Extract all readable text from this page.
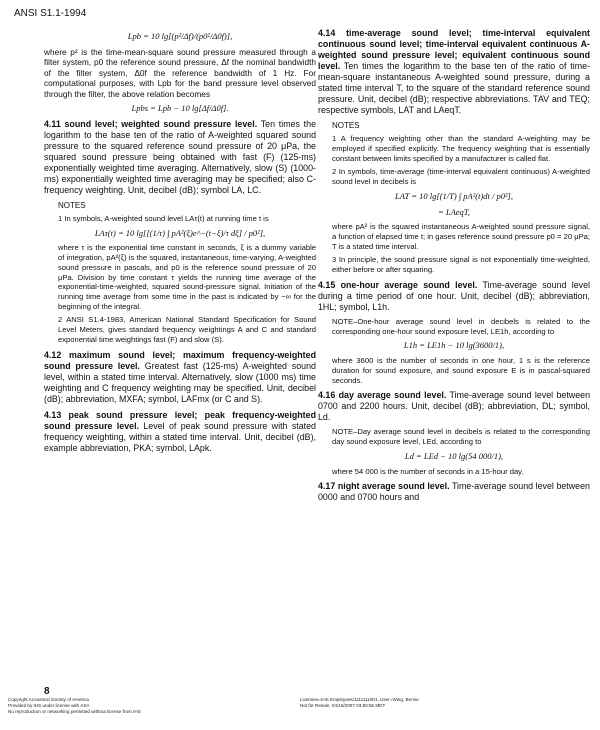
ANSI S1.1-1994
Lpb = 10 lg[(p²/Δf)/(p0²/Δ0f)],

where p² is the time-mean-square sound pressure measured through a filter system, p0 the reference sound pressure, Δf the nominal bandwidth of the filter system, Δ0f the reference bandwidth of 1 Hz. For computational purposes, with Lpb for the band pressure level observed through the filter, the above relation becomes

Lpbs = Lpb − 10 lg[Δf/Δ0f].

4.11 sound level; weighted sound pressure level. Ten times the logarithm to the base ten of the ratio of A-weighted squared sound pressure to the squared reference sound pressure of 20 μPa, the squared sound pressure being obtained with fast (F) (125-ms) exponentially weighted time averaging. Alternatively, slow (S) (1000-ms) exponentially weighted time averaging may be specified; also C-frequency weighting. Unit, decibel (dB); symbol LA, LC.

NOTES

1 In symbols, A-weighted sound level LAτ(t) at running time t is

LAτ(t) = 10 lg[[(1/τ) ∫ pA²(ξ)e^−(t−ξ)/τ dξ] / p0²],

where τ is the exponential time constant in seconds, ξ is a dummy variable of integration, pA²(ξ) is the squared, instantaneous, time-varying, A-weighted sound pressure in pascals, and p0 is the reference sound pressure of 20 μPa. Division by time constant τ yields the running time average of the exponential-time-weighted, squared sound-pressure signal. Initiation of the running time average from some time in the past is indicated by −∞ for the beginning of the integral.

2 ANSI S1.4-1983, American National Standard Specification for Sound Level Meters, gives standard frequency weightings A and C and standard exponential time weightings fast (F) and slow (S).

4.12 maximum sound level; maximum frequency-weighted sound pressure level. Greatest fast (125-ms) A-weighted sound level, within a stated time interval. Alternatively, slow (1000 ms) time weighting and C frequency weighting may be specified. Unit, decibel (dB); abbreviation, MXFA; symbol, LAFmx (or C and S).

4.13 peak sound pressure level; peak frequency-weighted sound pressure level. Level of peak sound pressure with stated frequency weighting, within a stated time interval. Unit, decibel (dB), example abbreviation, PKA; symbol, LApk.

4.14 time-average sound level; time-interval equivalent continuous sound level; time-interval equivalent continuous A-weighted sound pressure level; equivalent continuous sound level. Ten times the logarithm to the base ten of the ratio of time-mean-square instantaneous A-weighted sound pressure, during a stated time interval T, to the square of the standard reference sound pressure. Unit, decibel (dB); respective abbreviations. TAV and TEQ; respective symbols, LAT and LAeqT.

NOTES

1 A frequency weighting other than the standard A-weighting may be employed if specified explicitly. The frequency weighting that is essentially constant between limits specified by a manufacturer is called flat.

2 In symbols, time-average (time-interval equivalent continuous) A-weighted sound level in decibels is

LAT = 10 lg[(1/T) ∫ pA²(t)dt / p0²],
= LAeqT,

where pA² is the squared instantaneous A-weighted sound pressure signal, a function of elapsed time t; in gases reference sound pressure p0 = 20 μPa; T is a stated time interval.

3 In principle, the sound pressure signal is not exponentially time-weighted, either before or after squaring.

4.15 one-hour average sound level. Time-average sound level during a time period of one hour. Unit, decibel (dB); abbreviation, 1HL; symbol, L1h.

NOTE–One-hour average sound level in decibels is related to the corresponding one-hour sound exposure level, LE1h, according to

L1h = LE1h − 10 lg(3600/1),

where 3600 is the number of seconds in one hour, 1 s is the reference duration for sound exposure, and sound exposure E is in pascal-squared seconds.

4.16 day average sound level. Time-average sound level between 0700 and 2200 hours. Unit, decibel (dB); abbreviation, DL; symbol, Ld.

NOTE–Day average sound level in decibels is related to the corresponding day sound exposure level, LEd, according to

Ld = LEd − 10 lg(54 000/1),

where 54 000 is the number of seconds in a 15-hour day.

4.17 night average sound level. Time-average sound level between 0000 and 0700 hours and

8
Copyright Acoustical Society of America
Provided by IHS under license with ASA
No reproduction or networking permitted without license from IHS
Licensee=IHS Employees/1111111001, User=Wing, Bernie
Not for Resale, 04/18/2007 03:50:56 MDT
